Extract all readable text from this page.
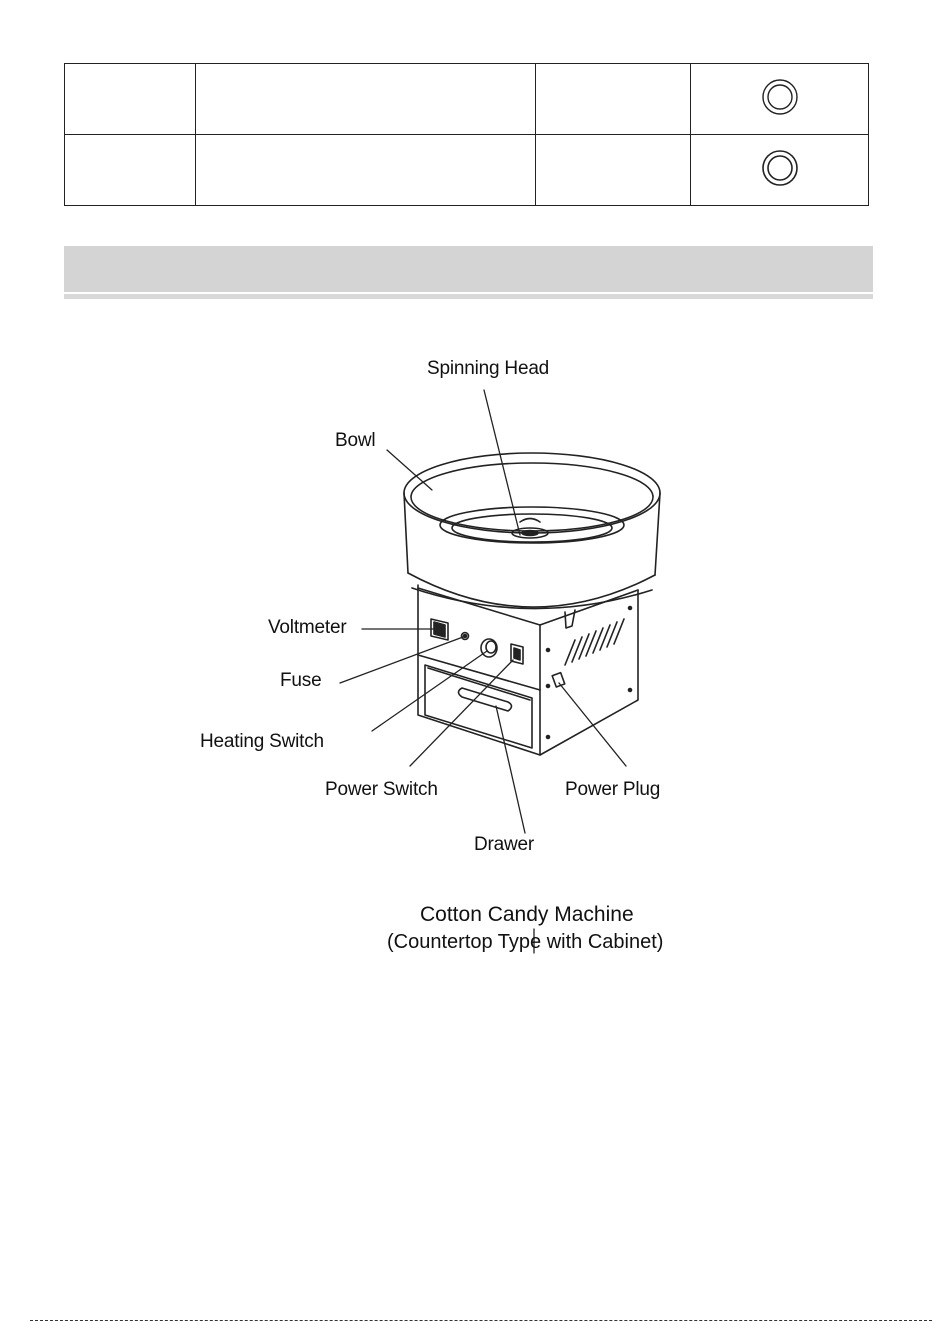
Spinning Head
Bowl
Voltmeter
Fuse
Heating Switch
Power Switch	Power Plug
Drawer
Cotton Candy Machine
(Countertop Type with Cabinet)
